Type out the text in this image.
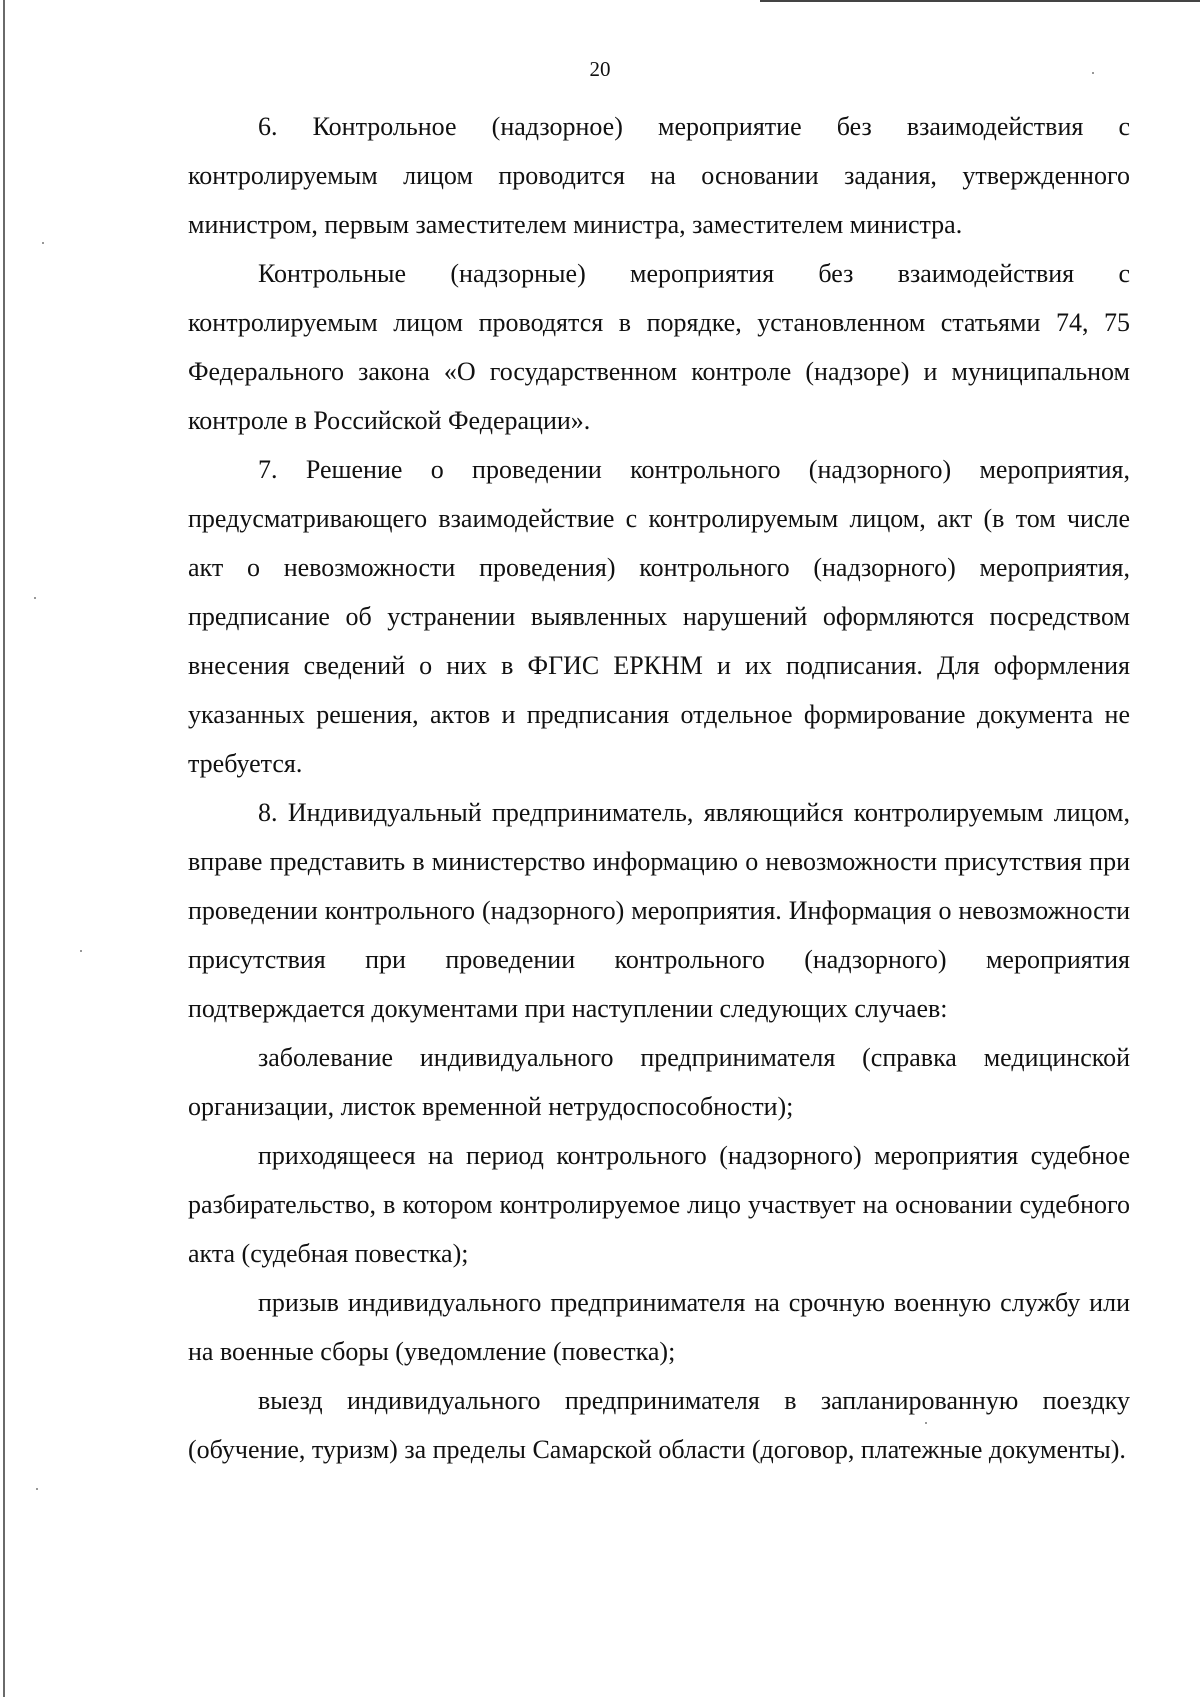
20

6. Контрольное (надзорное) мероприятие без взаимодействия с контролируемым лицом проводится на основании задания, утвержденного министром, первым заместителем министра, заместителем министра.

Контрольные (надзорные) мероприятия без взаимодействия с контролируемым лицом проводятся в порядке, установленном статьями 74, 75 Федерального закона «О государственном контроле (надзоре) и муниципальном контроле в Российской Федерации».

7. Решение о проведении контрольного (надзорного) мероприятия, предусматривающего взаимодействие с контролируемым лицом, акт (в том числе акт о невозможности проведения) контрольного (надзорного) мероприятия, предписание об устранении выявленных нарушений оформляются посредством внесения сведений о них в ФГИС ЕРКНМ и их подписания. Для оформления указанных решения, актов и предписания отдельное формирование документа не требуется.

8. Индивидуальный предприниматель, являющийся контролируемым лицом, вправе представить в министерство информацию о невозможности присутствия при проведении контрольного (надзорного) мероприятия. Информация о невозможности присутствия при проведении контрольного (надзорного) мероприятия подтверждается документами при наступлении следующих случаев:

заболевание индивидуального предпринимателя (справка медицинской организации, листок временной нетрудоспособности);

приходящееся на период контрольного (надзорного) мероприятия судебное разбирательство, в котором контролируемое лицо участвует на основании судебного акта (судебная повестка);

призыв индивидуального предпринимателя на срочную военную службу или на военные сборы (уведомление (повестка);

выезд индивидуального предпринимателя в запланированную поездку (обучение, туризм) за пределы Самарской области (договор, платежные документы).
